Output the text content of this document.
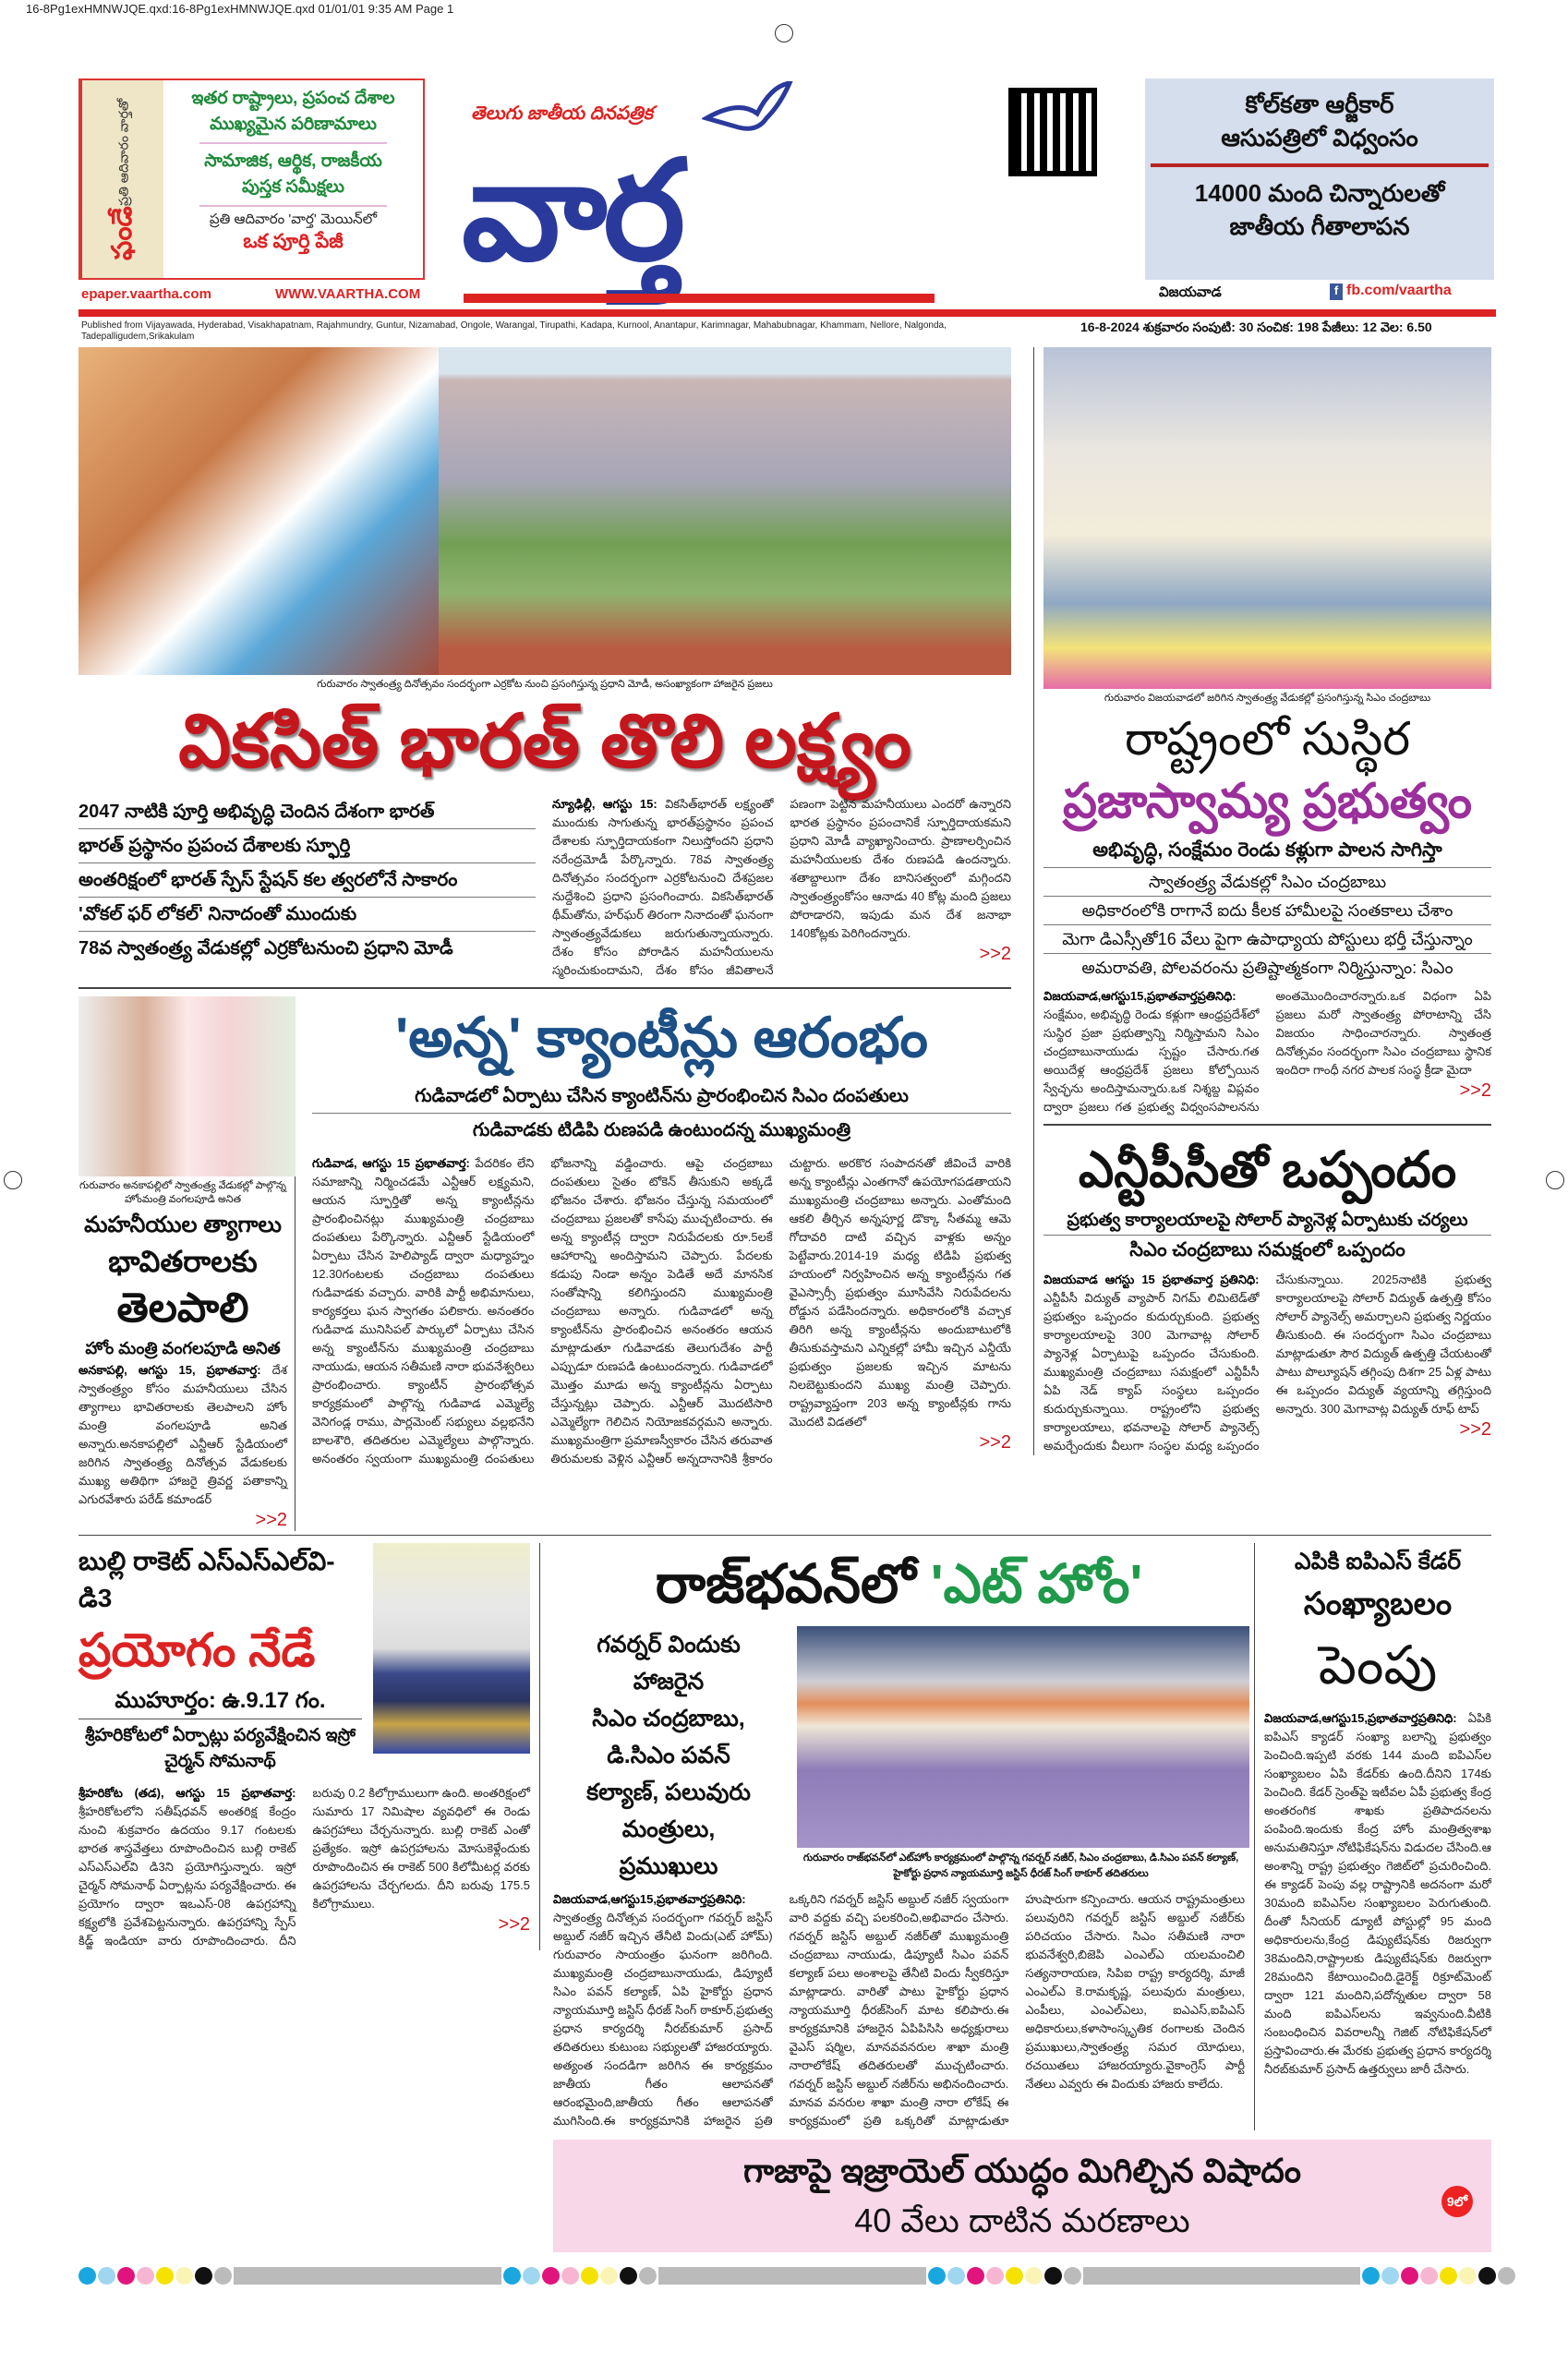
16-8Pg1exHMNWJQE.qxd:16-8Pg1exHMNWJQE.qxd 01/01/01 9:35 AM Page 1
ఫండే
ప్రతి ఆదివారం వార్తతో	ఇతర రాష్ట్రాలు, ప్రపంచ దేశాల
ముఖ్యమైన పరిణామాలు
సామాజిక, ఆర్థిక, రాజకీయ
పుస్తక సమీక్షలు
ప్రతి ఆదివారం 'వార్త' మెయిన్‌లో
ఒక పూర్తి పేజీ
epaper.vaartha.com	WWW.VAARTHA.COM
తెలుగు జాతీయ దినపత్రిక
వార్త
కోల్‌కతా ఆర్జీకార్
ఆసుపత్రిలో విధ్వంసం
14000 మంది చిన్నారులతో
జాతీయ గీతాలాపన
విజయవాడ	f fb.com/vaartha
Published from Vijayawada, Hyderabad, Visakhapatnam, Rajahmundry, Guntur, Nizamabad, Ongole, Warangal, Tirupathi, Kadapa, Kurnool, Anantapur, Karimnagar, Mahabubnagar, Khammam, Nellore, Nalgonda, Tadepalligudem,Srikakulam
16-8-2024 శుక్రవారం సంపుటి: 30 సంచిక: 198 పేజీలు: 12 వెల: 6.50
గురువారం స్వాతంత్ర్య దినోత్సవం సందర్భంగా ఎర్రకోట నుంచి ప్రసంగిస్తున్న ప్రధాని మోడీ, అసంఖ్యాకంగా హాజరైన ప్రజలు
వికసిత్ భారత్ తొలి లక్ష్యం
2047 నాటికి పూర్తి అభివృద్ధి చెందిన దేశంగా భారత్
భారత్ ప్రస్థానం ప్రపంచ దేశాలకు స్ఫూర్తి
అంతరిక్షంలో భారత్ స్పేస్ స్టేషన్ కల త్వరలోనే సాకారం
'వోకల్ ఫర్ లోకల్' నినాదంతో ముందుకు
78వ స్వాతంత్ర్య వేడుకల్లో ఎర్రకోటనుంచి ప్రధాని మోడీ
న్యూఢిల్లీ, ఆగస్టు 15: వికసిత్‌భారత్ లక్ష్యంతో ముందుకు సాగుతున్న భారత్‌ప్రస్థానం ప్రపంచ దేశాలకు స్ఫూర్తిదాయకంగా నిలుస్తోందని ప్రధాని నరేంద్రమోడీ పేర్కొన్నారు. 78వ స్వాతంత్ర్య దినోత్సవం సందర్భంగా ఎర్రకోటనుంచి దేశప్రజల నుద్దేశించి ప్రధాని ప్రసంగించారు. వికసిత్‌భారత్ థీమ్‌తోను, హర్‌ఘర్ తిరంగా నినాదంతో ఘనంగా స్వాతంత్ర్యవేడుకలు జరుగుతున్నాయన్నారు. దేశం కోసం పోరాడిన మహనీయులను స్మరించుకుందామని, దేశం కోసం జీవితాలనే పణంగా పెట్టిన మహనీయులు ఎందరో ఉన్నారని భారత ప్రస్థానం ప్రపంచానికే స్ఫూర్తిదాయకమని ప్రధాని మోడీ వ్యాఖ్యానించారు. ప్రాణాలర్పించిన మహనీయులకు దేశం రుణపడి ఉందన్నారు. శతాబ్దాలుగా దేశం బానిసత్వంలో మగ్గిందని స్వాతంత్ర్యంకోసం ఆనాడు 40 కోట్ల మంది ప్రజలు పోరాడారని, ఇపుడు మన దేశ జనాభా 140కోట్లకు పెరిగిందన్నారు.
>>2
గురువారం అనకాపల్లిలో స్వాతంత్ర్య వేడుకల్లో పాల్గొన్న హోంమంత్రి వంగలపూడి అనిత
మహనీయుల త్యాగాలు
భావితరాలకు
తెలపాలి
హోం మంత్రి వంగలపూడి అనిత
అనకాపల్లి, ఆగస్టు 15, ప్రభాతవార్త: దేశ స్వాతంత్ర్యం కోసం మహనీయులు చేసిన త్యాగాలు భావితరాలకు తెలపాలని హోం మంత్రి వంగలపూడి అనిత అన్నారు.అనకాపల్లిలో ఎన్టీఆర్ స్టేడియంలో జరిగిన స్వాతంత్ర్య దినోత్సవ వేడుకలకు ముఖ్య అతిథిగా హాజరై త్రివర్ణ పతాకాన్ని ఎగురవేశారు పరేడ్ కమాండర్
>>2
'అన్న' క్యాంటీన్లు ఆరంభం
గుడివాడలో ఏర్పాటు చేసిన క్యాంటిన్‌ను ప్రారంభించిన సిఎం దంపతులు
గుడివాడకు టిడిపి రుణపడి ఉంటుందన్న ముఖ్యమంత్రి
గుడివాడ, ఆగస్టు 15 ప్రభాతవార్త: పేదరికం లేని సమాజాన్ని నిర్మించడమే ఎన్టీఆర్ లక్ష్యమని, ఆయన స్ఫూర్తితో అన్న క్యాంటీన్లను ప్రారంభించినట్లు ముఖ్యమంత్రి చంద్రబాబు దంపతులు పేర్కొన్నారు. ఎన్టీఆర్ స్టేడియంలో ఏర్పాటు చేసిన హెలిప్యాడ్ ద్వారా మధ్యాహ్నం 12.30గంటలకు చంద్రబాబు దంపతులు గుడివాడకు వచ్చారు. వారికి పార్టీ అభిమానులు, కార్యకర్తలు ఘన స్వాగతం పలికారు. అనంతరం గుడివాడ మునిసిపల్ పార్కులో ఏర్పాటు చేసిన అన్న క్యాంటీన్‌ను ముఖ్యమంత్రి చంద్రబాబు నాయుడు, ఆయన సతీమణి నారా భువనేశ్వరిలు ప్రారంభించారు. క్యాంటీన్ ప్రారంభోత్సవ కార్యక్రమంలో పాల్గొన్న గుడివాడ ఎమ్మెల్యే వెనిగండ్ల రాము, పార్లమెంట్ సభ్యులు వల్లభనేని బాలశౌరి, తదితరుల ఎమ్మెల్యేలు పాల్గొన్నారు. అనంతరం స్వయంగా ముఖ్యమంత్రి దంపతులు భోజనాన్ని వడ్డించారు. ఆపై చంద్రబాబు దంపతులు సైతం టోకెన్ తీసుకుని అక్కడే భోజనం చేశారు. భోజనం చేస్తున్న సమయంలో చంద్రబాబు ప్రజలతో కాసేపు ముచ్చటించారు. ఈ అన్న క్యాంటీన్ల ద్వారా నిరుపేదలకు రూ.5లకే ఆహారాన్ని అందిస్తామని చెప్పారు. పేదలకు కడుపు నిండా అన్నం పెడితే అదే మానసిక సంతోషాన్ని కలిగిస్తుందని ముఖ్యమంత్రి చంద్రబాబు అన్నారు. గుడివాడలో అన్న క్యాంటీన్‌ను ప్రారంభించిన అనంతరం ఆయన మాట్లాడుతూ గుడివాడకు తెలుగుదేశం పార్టీ ఎప్పుడూ రుణపడి ఉంటుందన్నారు. గుడివాడలో మొత్తం మూడు అన్న క్యాంటీన్లను ఏర్పాటు చేస్తున్నట్లు చెప్పారు. ఎన్టీఆర్ మొదటిసారి ఎమ్మెల్యేగా గెలిచిన నియోజకవర్గమని అన్నారు. ముఖ్యమంత్రిగా ప్రమాణస్వీకారం చేసిన తరువాత తిరుమలకు వెళ్లిన ఎన్టీఆర్ అన్నదానానికి శ్రీకారం చుట్టారు. అరకొర సంపాదనతో జీవించే వారికి అన్న క్యాంటీన్లు ఎంతగానో ఉపయోగపడతాయని ముఖ్యమంత్రి చంద్రబాబు అన్నారు. ఎంతోమంది ఆకలి తీర్చిన అన్నపూర్ణ డొక్కా సీతమ్మ ఆమె గోదావరి దాటి వచ్చిన వాళ్లకు అన్నం పెట్టేవారు.2014-19 మధ్య టిడిపి ప్రభుత్వ హయంలో నిర్వహించిన అన్న క్యాంటీన్లను గత వైఎస్సార్సీ ప్రభుత్వం మూసివేసి నిరుపేదలను రోడ్డున పడేసిందన్నారు. అధికారంలోకి వచ్చాక తిరిగి అన్న క్యాంటీన్లను అందుబాటులోకి తీసుకువస్తామని ఎన్నికల్లో హామీ ఇచ్చిన ఎన్డీయే ప్రభుత్వం ప్రజలకు ఇచ్చిన మాటను నిలబెట్టుకుందని ముఖ్య మంత్రి చెప్పారు. రాష్ట్రవ్యాప్తంగా 203 అన్న క్యాంటీన్లకు గాను మొదటి విడతలో
>>2
గురువారం విజయవాడలో జరిగిన స్వాతంత్ర్య వేడుకల్లో ప్రసంగిస్తున్న సిఎం చంద్రబాబు
రాష్ట్రంలో సుస్థిర
ప్రజాస్వామ్య ప్రభుత్వం
అభివృద్ధి, సంక్షేమం రెండు కళ్లుగా పాలన సాగిస్తా
స్వాతంత్ర్య వేడుకల్లో సిఎం చంద్రబాబు
అధికారంలోకి రాగానే ఐదు కీలక హామీలపై సంతకాలు చేశాం
మెగా డిఎస్సీతో16 వేలు పైగా ఉపాధ్యాయ పోస్టులు భర్తీ చేస్తున్నాం
అమరావతి, పోలవరంను ప్రతిష్టాత్మకంగా నిర్మిస్తున్నాం: సిఎం
విజయవాడ,ఆగస్టు15,ప్రభాతవార్తప్రతినిధి: సంక్షేమం, అభివృద్ధి రెండు కళ్లుగా ఆంధ్రప్రదేశ్‌లో సుస్థిర ప్రజా ప్రభుత్వాన్ని నిర్మిస్తామని సిఎం చంద్రబాబునాయుడు స్పష్టం చేసారు.గత అయిదేళ్ల ఆంధ్రప్రదేశ్ ప్రజలు కోల్పోయిన స్వేచ్ఛను అందిస్తామన్నారు.ఒక నిశ్శబ్ద విప్లవం ద్వారా ప్రజలు గత ప్రభుత్వ విధ్వంసపాలనను అంతమొందించారన్నారు.ఒక విధంగా ఏపి ప్రజలు మరో స్వాతంత్ర్య పోరాటాన్ని చేసి విజయం సాధించారన్నారు. స్వాతంత్ర దినోత్సవం సందర్భంగా సిఎం చంద్రబాబు స్థానిక ఇందిరా గాంధీ నగర పాలక సంస్థ క్రీడా మైదా
>>2
ఎన్టీపీసీతో ఒప్పందం
ప్రభుత్వ కార్యాలయాలపై సోలార్ ప్యానెళ్ల ఏర్పాటుకు చర్యలు
సిఎం చంద్రబాబు సమక్షంలో ఒప్పందం
విజయవాడ ఆగస్టు 15 ప్రభాతవార్త ప్రతినిధి: ఎన్టీపీసీ విద్యుత్ వ్యాపార్ నిగమ్ లిమిటెడ్‌తో ప్రభుత్వం ఒప్పందం కుదుర్చుకుంది. ప్రభుత్వ కార్యాలయాలపై 300 మెగావాట్ల సోలార్ ప్యానెళ్ల ఏర్పాటుపై ఒప్పందం చేసుకుంది. ముఖ్యమంత్రి చంద్రబాబు సమక్షంలో ఎన్టీపీసీ ఏపి నెడ్ క్యాప్ సంస్థలు ఒప్పందం కుదుర్చుకున్నాయి. రాష్ట్రంలోని ప్రభుత్వ కార్యాలయాలు, భవనాలపై సోలార్ ప్యానెల్స్ అమర్చేందుకు వీలుగా సంస్థల మధ్య ఒప్పందం చేసుకున్నాయి. 2025నాటికి ప్రభుత్వ కార్యాలయాలపై సోలార్ విద్యుత్ ఉత్పత్తి కోసం సోలార్ ప్యానెల్స్ అమర్చాలని ప్రభుత్వ నిర్ణయం తీసుకుంది. ఈ సందర్భంగా సిఎం చంద్రబాబు మాట్లాడుతూ సౌర విద్యుత్ ఉత్పత్తి చేయటంతో పాటు పొల్యూషన్ తగ్గింపు దిశగా 25 ఏళ్ల పాటు ఈ ఒప్పందం విద్యుత్ వ్యయాన్ని తగ్గిస్తుంది అన్నారు. 300 మెగావాట్ల విద్యుత్ రూఫ్ టాప్
>>2
బుల్లి రాకెట్ ఎస్ఎస్ఎల్‌వి-డి3
ప్రయోగం నేడే
ముహూర్తం: ఉ.9.17 గం.
శ్రీహరికోటలో ఏర్పాట్లు పర్యవేక్షించిన ఇస్రో చైర్మన్ సోమనాథ్
శ్రీహరికోట (తడ), ఆగస్టు 15 ప్రభాతవార్త: శ్రీహరికోటలోని సతీష్‌ధవన్ అంతరిక్ష కేంద్రం నుంచి శుక్రవారం ఉదయం 9.17 గంటలకు భారత శాస్త్రవేత్తలు రూపొందించిన బుల్లి రాకెట్ ఎస్ఎస్ఎల్‌వి డి3ని ప్రయోగిస్తున్నారు. ఇస్రో చైర్మన్ సోమనాథ్ ఏర్పాట్లను పర్యవేక్షించారు. ఈ ప్రయోగం ద్వారా ఇఒఎస్-08 ఉపగ్రహాన్ని కక్ష్యలోకి ప్రవేశపెట్టనున్నారు. ఉపగ్రహాన్ని స్పేస్ కిడ్జ్ ఇండియా వారు రూపొందించారు. దీని బరువు 0.2 కిలోగ్రాములుగా ఉంది. అంతరిక్షంలో సుమారు 17 నిమిషాల వ్యవధిలో ఈ రెండు ఉపగ్రహాలు చేర్చనున్నారు. బుల్లి రాకెట్ ఎంతో ప్రత్యేకం. ఇస్రో ఉపగ్రహాలను మోసుకెళ్లేందుకు రూపొందించిన ఈ రాకెట్ 500 కిలోమీటర్ల వరకు ఉపగ్రహాలను చేర్చగలదు. దీని బరువు 175.5 కిలోగ్రాములు.
>>2
రాజ్‌భవన్‌లో 'ఎట్ హోం'
గవర్నర్ విందుకు
హాజరైన
సిఎం చంద్రబాబు,
డి.సిఎం పవన్
కల్యాణ్, పలువురు
మంత్రులు,
ప్రముఖులు	గురువారం రాజ్‌భవన్‌లో ఎట్‌హోం కార్యక్రమంలో పాల్గొన్న గవర్నర్ నజీర్, సిఎం చంద్రబాబు, డి.సిఎం పవన్ కల్యాణ్, హైకోర్టు ప్రధాన న్యాయమూర్తి జస్టిస్ ధీరజ్ సింగ్ ఠాకూర్ తదితరులు
విజయవాడ,ఆగస్టు15,ప్రభాతవార్తప్రతినిధి: స్వాతంత్ర్య దినోత్సవ సందర్భంగా గవర్నర్ జస్టిస్ అబ్దుల్ నజీర్ ఇచ్చిన తేనీటి విందు(ఎట్ హోమ్) గురువారం సాయంత్రం ఘనంగా జరిగింది. ముఖ్యమంత్రి చంద్రబాబునాయుడు, డిప్యూటీ సిఎం పవన్ కల్యాణ్, ఏపి హైకోర్టు ప్రధాన న్యాయమూర్తి జస్టిస్ ధీరజ్ సింగ్ ఠాకూర్,ప్రభుత్వ ప్రధాన కార్యదర్శి నీరబ్‌కుమార్ ప్రసాద్ తదితరులు కుటుంబ సభ్యులతో హాజరయ్యారు. అత్యంత సందడిగా జరిగిన ఈ కార్యక్రమం జాతీయ గీతం ఆలాపనతో ఆరంభమైంది,జాతీయ గీతం ఆలాపనతో ముగిసింది.ఈ కార్యక్రమానికి హాజరైన ప్రతి ఒక్కరిని గవర్నర్ జస్టిస్ అబ్దుల్ నజీర్ స్వయంగా వారి వద్దకు వచ్చి పలకరించి,అభివాదం చేసారు. గవర్నర్ జస్టిస్ అబ్దుల్ నజీర్‌తో ముఖ్యమంత్రి చంద్రబాబు నాయుడు, డిప్యూటీ సిఎం పవన్ కల్యాణ్ పలు అంశాలపై తేనీటి విందు స్వీకరిస్తూ మాట్లాడారు. వారితో పాటు హైకోర్టు ప్రధాన న్యాయమూర్తి ధీరజ్‌సింగ్ మాట కలిపారు.ఈ కార్యక్రమానికి హాజరైన ఏపిపిసిసి అధ్యక్షురాలు వైఎస్ షర్మిల, మానవవనరుల శాఖా మంత్రి నారాలోకేష్ తదితరులతో ముచ్చటించారు. గవర్నర్ జస్టిస్ అబ్దుల్ నజీర్‌ను అభినందించారు. మానవ వనరుల శాఖా మంత్రి నారా లోకేష్ ఈ కార్యక్రమంలో ప్రతి ఒక్కరితో మాట్లాడుతూ హుషారుగా కన్పించారు. ఆయన రాష్ట్రమంత్రులు పలువురిని గవర్నర్ జస్టిస్ అబ్దుల్ నజీర్‌కు పరిచయం చేసారు. సిఎం సతీమణి నారా భువనేశ్వరి,బిజెపి ఎంఎల్‌ఎ యలమంచిలి సత్యనారాయణ, సిపిఐ రాష్ట్ర కార్యదర్శి, మాజీ ఎంఎల్‌ఎ కె.రామకృష్ణ, పలువురు మంత్రులు, ఎంపీలు, ఎంఎల్‌ఎలు, ఐఎఎస్,ఐపిఎస్ అధికారులు,కళాసాంస్కృతిక రంగాలకు చెందిన ప్రముఖులు,స్వాతంత్ర్య సమర యోధులు, రచయితలు హాజరయ్యారు.వైకాంగ్రెస్ పార్టీ నేతలు ఎవ్వరు ఈ విందుకు హాజరు కాలేదు.
ఎపికి ఐపిఎస్ కేడర్
సంఖ్యాబలం
పెంపు
విజయవాడ,ఆగస్టు15,ప్రభాతవార్తప్రతినిధి: ఏపికి ఐపిఎస్ క్యాడర్ సంఖ్యా బలాన్ని ప్రభుత్వం పెంచింది.ఇప్పటి వరకు 144 మంది ఐపిఎస్‌ల సంఖ్యాబలం ఏపి కేడర్‌కు ఉంది.దీనిని 174కు పెంచింది. కేడర్ స్రెంత్‌పై ఇటీవల ఏపీ ప్రభుత్వ కేంద్ర అంతరంగిక శాఖకు ప్రతిపాదనలను పంపింది.ఇందుకు కేంద్ర హోం మంత్రిత్వశాఖ అనుమతినిస్తూ నోటిఫికేషన్‌ను విడుదల చేసింది.ఆ అంశాన్ని రాష్ట్ర ప్రభుత్వం గెజిట్‌లో ప్రచురించింది. ఈ క్యాడర్ పెంపు వల్ల రాష్ట్రానికి అదనంగా మరో 30మంది ఐపిఎస్‌ల సంఖ్యాబలం పెరుగుతుంది. దీంతో సీనియర్ డ్యూటీ పోస్టుల్లో 95 మంది అధికారులను,కేంద్ర డిప్యుటేషన్‌కు రిజర్వుగా 38మందిని,రాష్ట్రాలకు డిప్యుటేషన్‌కు రిజర్వుగా 28మందిని కేటాయించింది.డైరెక్ట్ రిక్రూట్‌మెంట్ ద్వారా 121 మందిని,పదోన్నతుల ద్వారా 58 మంది ఐపిఎస్‌లను ఇవ్వనుంది.వీటికి సంబంధించిన వివరాలన్నీ గెజిట్ నోటిఫికేషన్‌లో ప్రస్తావించారు.ఈ మేరకు ప్రభుత్వ ప్రధాన కార్యదర్శి నీరబ్‌కుమార్ ప్రసాద్ ఉత్తర్వులు జారీ చేసారు.
గాజాపై ఇజ్రాయెల్ యుద్ధం మిగిల్చిన విషాదం
40 వేలు దాటిన మరణాలు	9లో
